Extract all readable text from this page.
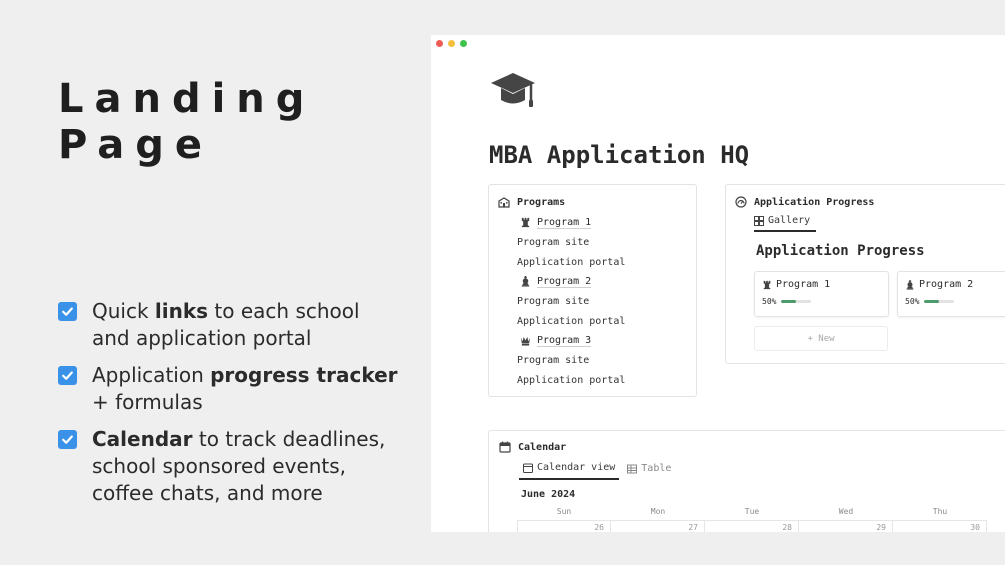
Landing
Page
Quick links to each school and application portal
Application progress tracker + formulas
Calendar to track deadlines, school sponsored events, coffee chats, and more
MBA Application HQ
Programs
Program 1
Program site
Application portal
Program 2
Program site
Application portal
Program 3
Program site
Application portal
Application Progress
Gallery
Application Progress
Program 1
50%
Program 2
50%
+ New
Calendar
Calendar view	Table
June 2024
Sun	Mon	Tue	Wed	Thu
26	27	28	29	30
